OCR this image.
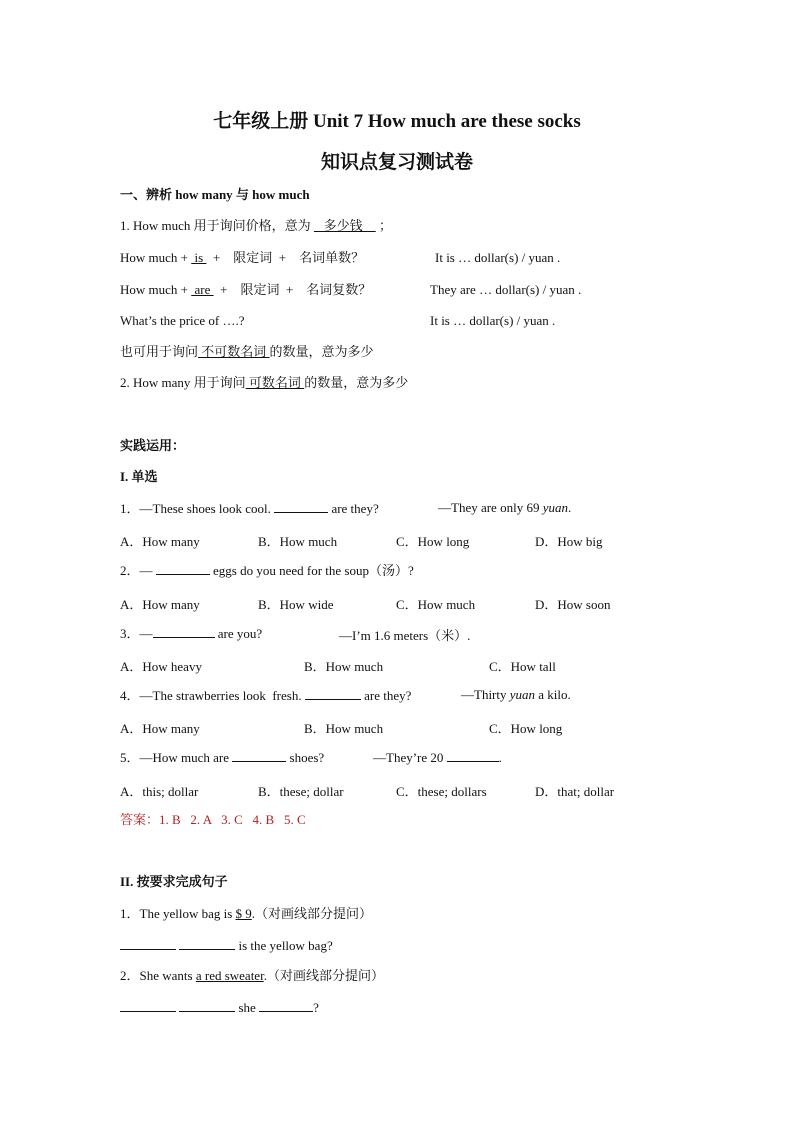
七年级上册 Unit 7 How much are these socks
知识点复习测试卷
一、辨析 how many 与 how much
1. How much 用于询问价格，意为    多少钱     ；
How much +  is   +    限定词  +    名词单数？	It is … dollar(s) / yuan .
How much +  are   +    限定词  +    名词复数？	They are … dollar(s) / yuan .
What’s the price of ….?	It is … dollar(s) / yuan .
也可用于询问 不可数名词 的数量，意为多少
2. How many 用于询问 可数名词 的数量，意为多少
实践运用：
I. 单选
1．—These shoes look cool.	are they?	—They are only 69 yuan.
A．How many	B．How much	C．How long	D．How big
2．—	eggs do you need for the soup（汤）?
A．How many	B．How wide	C．How much	D．How soon
3．—	are you?	—I’m 1.6 meters（米）.
A．How heavy	B．How much	C．How tall
4．—The strawberries look  fresh.	are they?	—Thirty yuan a kilo.
A．How many	B．How much	C．How long
5．—How much are	shoes?	—They’re 20	.
A．this; dollar	B．these; dollar	C．these; dollars	D．that; dollar
答案：1. B   2. A   3. C   4. B   5. C
II. 按要求完成句子
1．The yellow bag is $ 9.（对画线部分提问）
is the yellow bag?
2．She wants a red sweater.（对画线部分提问）
she	?
